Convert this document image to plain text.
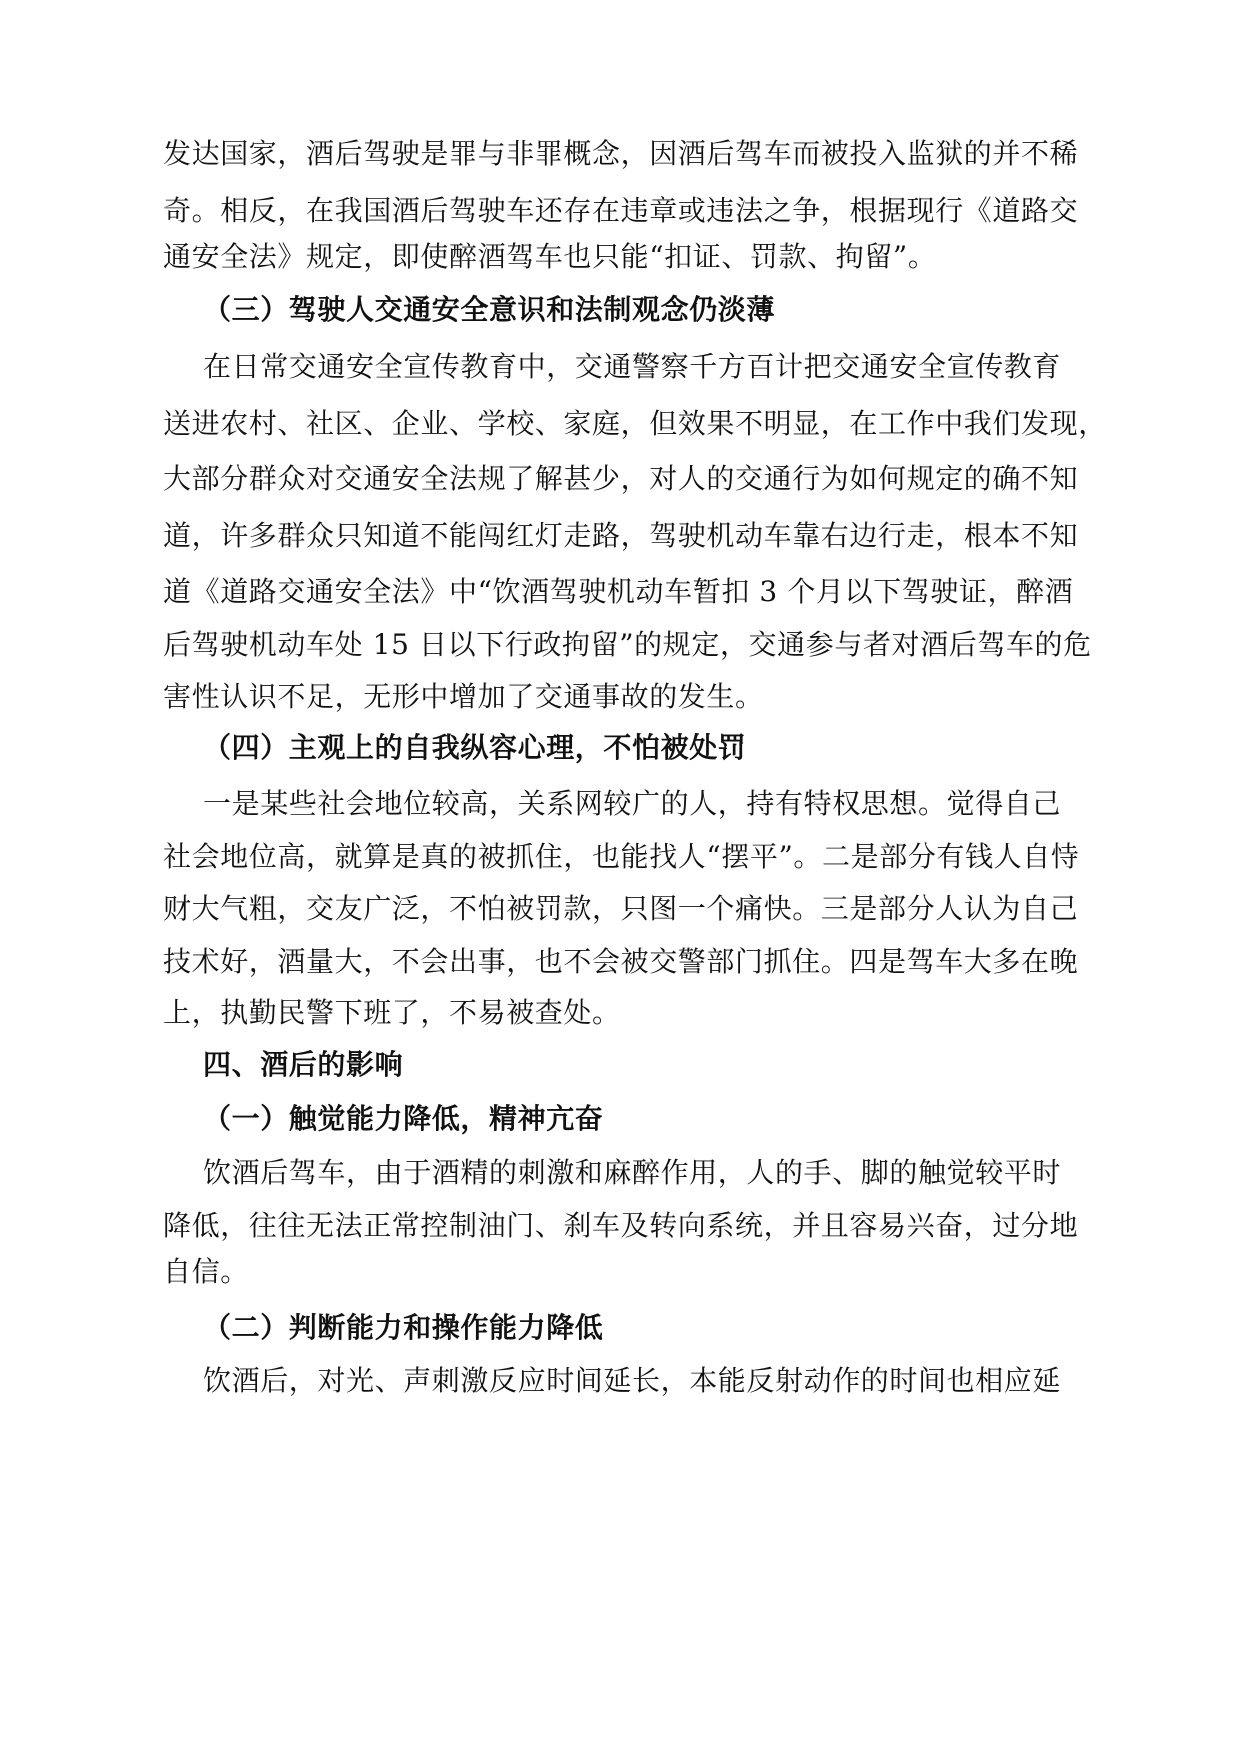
发达国家，酒后驾驶是罪与非罪概念，因酒后驾车而被投入监狱的并不稀
奇。相反，在我国酒后驾驶车还存在违章或违法之争，根据现行《道路交
通安全法》规定，即使醉酒驾车也只能“扣证、罚款、拘留”。
（三）驾驶人交通安全意识和法制观念仍淡薄
在日常交通安全宣传教育中，交通警察千方百计把交通安全宣传教育
送进农村、社区、企业、学校、家庭，但效果不明显，在工作中我们发现，
大部分群众对交通安全法规了解甚少，对人的交通行为如何规定的确不知
道，许多群众只知道不能闯红灯走路，驾驶机动车靠右边行走，根本不知
道《道路交通安全法》中“饮酒驾驶机动车暂扣 3 个月以下驾驶证，醉酒
后驾驶机动车处 15 日以下行政拘留”的规定，交通参与者对酒后驾车的危
害性认识不足，无形中增加了交通事故的发生。
（四）主观上的自我纵容心理，不怕被处罚
一是某些社会地位较高，关系网较广的人，持有特权思想。觉得自己
社会地位高，就算是真的被抓住，也能找人“摆平”。二是部分有钱人自恃
财大气粗，交友广泛，不怕被罚款，只图一个痛快。三是部分人认为自己
技术好，酒量大，不会出事，也不会被交警部门抓住。四是驾车大多在晚
上，执勤民警下班了，不易被查处。
四、酒后的影响
（一）触觉能力降低，精神亢奋
饮酒后驾车，由于酒精的刺激和麻醉作用，人的手、脚的触觉较平时
降低，往往无法正常控制油门、刹车及转向系统，并且容易兴奋，过分地
自信。
（二）判断能力和操作能力降低
饮酒后，对光、声刺激反应时间延长，本能反射动作的时间也相应延
